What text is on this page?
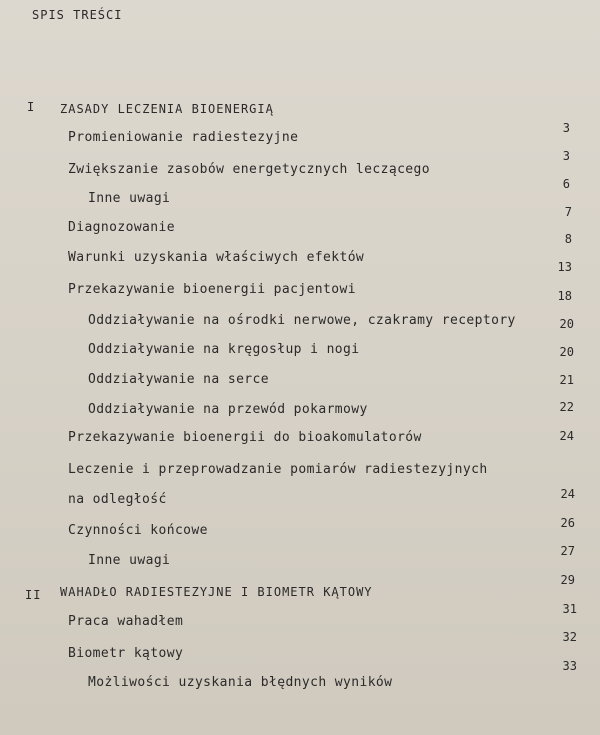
SPIS TREŚCI
I ZASADY LECZENIA BIOENERGIĄ
Promieniowanie radiestezyjne
Zwiększanie zasobów energetycznych leczącego
Inne uwagi
Diagnozowanie
Warunki uzyskania właściwych efektów
Przekazywanie bioenergii pacjentowi
Oddziaływanie na ośrodki nerwowe, czakramy receptory
Oddziaływanie na kręgosłup i nogi
Oddziaływanie na serce
Oddziaływanie na przewód pokarmowy
Przekazywanie bioenergii do bioakomulatorów
Leczenie i przeprowadzanie pomiarów radiestezyjnych
na odległość
Czynności końcowe
Inne uwagi
II WAHADŁO RADIESTEZYJNE I BIOMETR KĄTOWY
Praca wahadłem
Biometr kątowy
Możliwości uzyskania błędnych wyników
3
3
6
7
8
13
18
20
20
21
22
24
24
26
27
29
31
32
33
